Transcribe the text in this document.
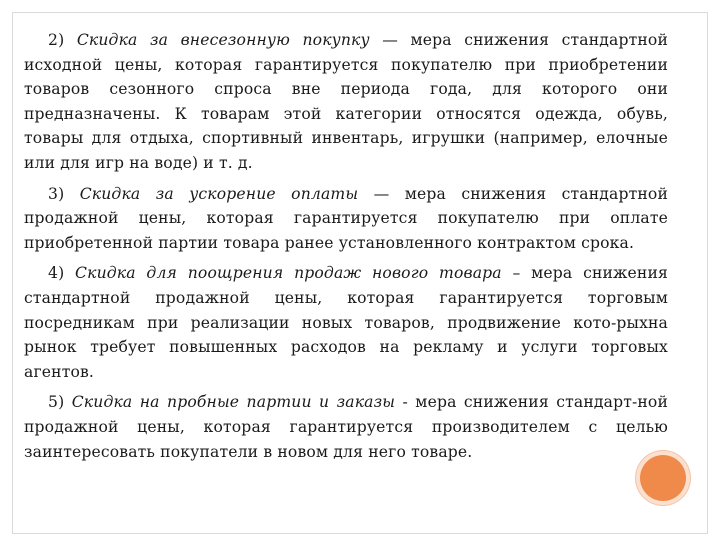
2) Скидка за внесезонную покупку — мера снижения стандартной исходной цены, которая гарантируется покупателю при приобретении товаров сезонного спроса вне периода года, для которого они предназначены. К товарам этой категории относятся одежда, обувь, товары для отдыха, спортивный инвентарь, игрушки (например, елочные или для игр на воде) и т. д.

3) Скидка за ускорение оплаты — мера снижения стандартной продажной цены, которая гарантируется покупателю при оплате приобретенной партии товара ранее установленного контрактом срока.

4) Скидка для поощрения продаж нового товара – мера снижения стандартной продажной цены, которая гарантируется торговым посредникам при реализации новых товаров, продвижение кото-рыхна рынок требует повышенных расходов на рекламу и услуги торговых агентов.

5) Скидка на пробные партии и заказы - мера снижения стандарт-ной продажной цены, которая гарантируется производителем с целью заинтересовать покупатели в новом для него товаре.
